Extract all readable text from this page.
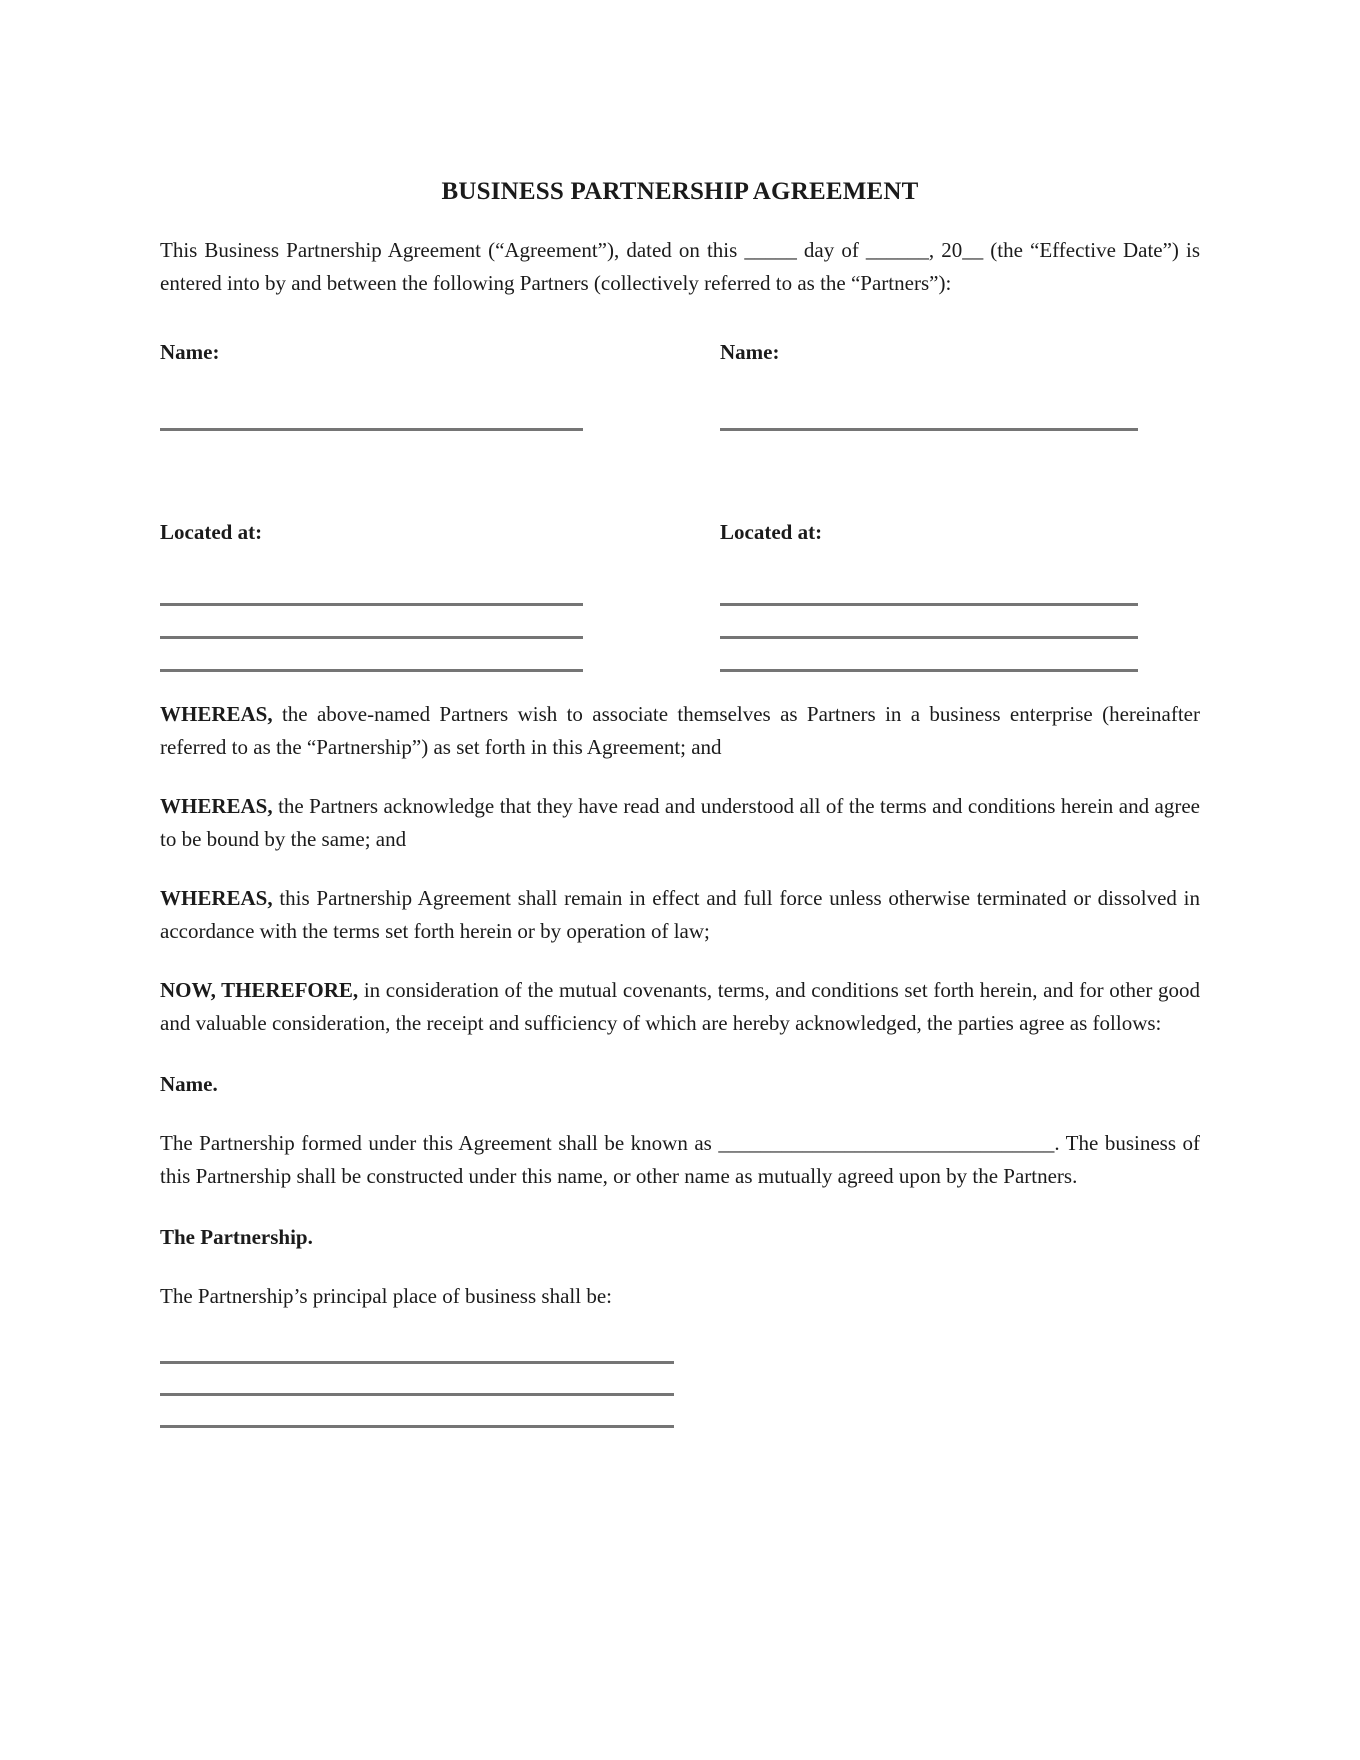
BUSINESS PARTNERSHIP AGREEMENT

This Business Partnership Agreement (“Agreement”), dated on this _____ day of ______, 20__ (the “Effective Date”) is entered into by and between the following Partners (collectively referred to as the “Partners”):

Name:
Located at:
Name:
Located at:

WHEREAS, the above-named Partners wish to associate themselves as Partners in a business enterprise (hereinafter referred to as the “Partnership”) as set forth in this Agreement; and

WHEREAS, the Partners acknowledge that they have read and understood all of the terms and conditions herein and agree to be bound by the same; and

WHEREAS, this Partnership Agreement shall remain in effect and full force unless otherwise terminated or dissolved in accordance with the terms set forth herein or by operation of law;

NOW, THEREFORE, in consideration of the mutual covenants, terms, and conditions set forth herein, and for other good and valuable consideration, the receipt and sufficiency of which are hereby acknowledged, the parties agree as follows:

Name.

The Partnership formed under this Agreement shall be known as ________________________________. The business of this Partnership shall be constructed under this name, or other name as mutually agreed upon by the Partners.

The Partnership.

The Partnership’s principal place of business shall be:
